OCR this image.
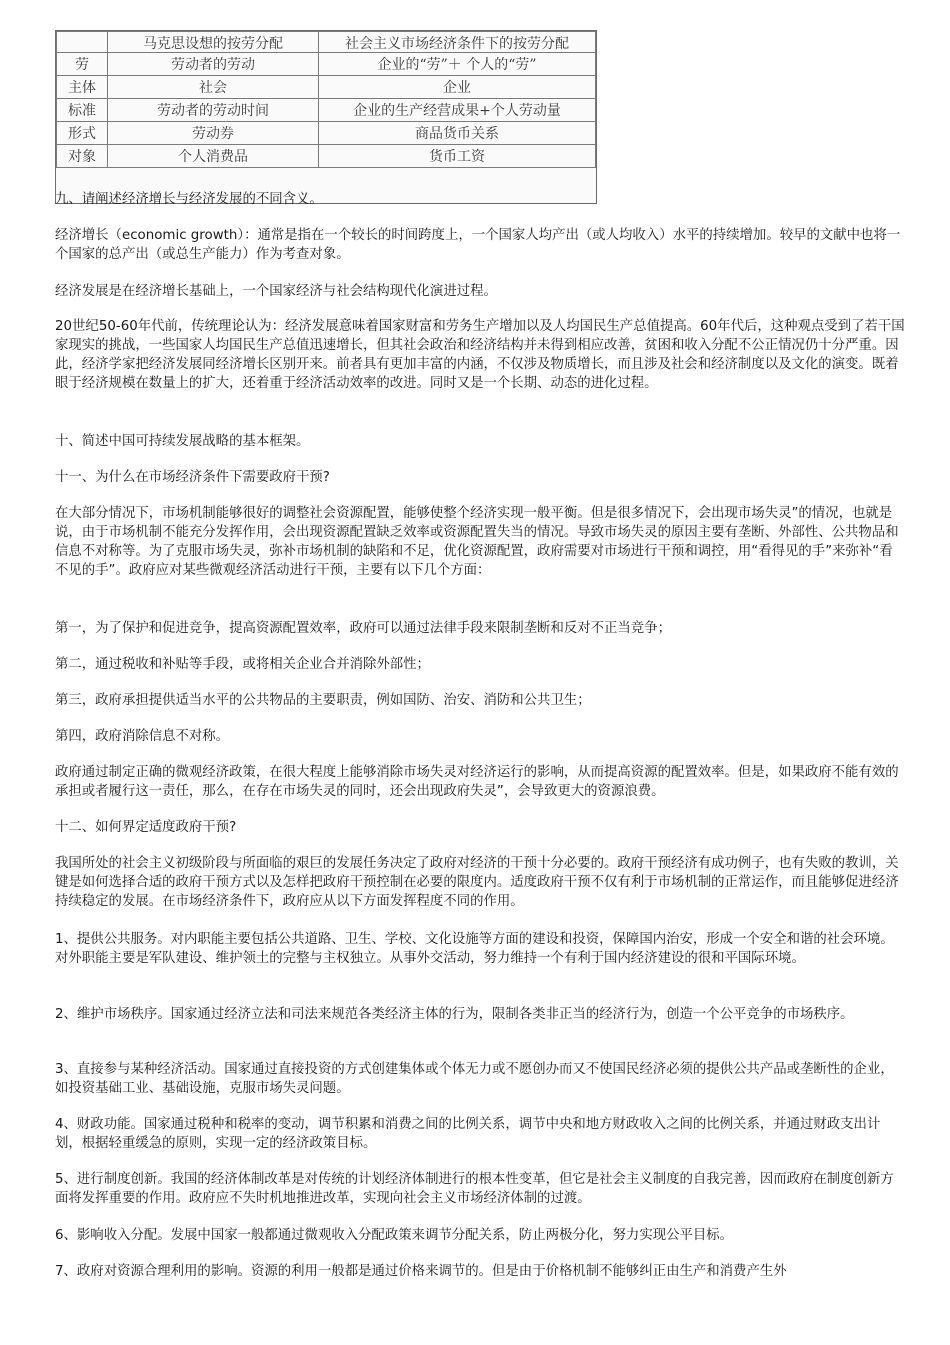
	马克思设想的按劳分配	社会主义市场经济条件下的按劳分配
劳	劳动者的劳动	企业的“劳”＋ 个人的“劳”
主体	社会	企业
标准	劳动者的劳动时间	企业的生产经营成果+个人劳动量
形式	劳动券	商品货币关系
对象	个人消费品	货币工资

九、请阐述经济增长与经济发展的不同含义。

经济增长（economic growth）：通常是指在一个较长的时间跨度上，一个国家人均产出（或人均收入）水平的持续增加。较早的文献中也将一个国家的总产出（或总生产能力）作为考查对象。

经济发展是在经济增长基础上，一个国家经济与社会结构现代化演进过程。

20世纪50-60年代前，传统理论认为：经济发展意味着国家财富和劳务生产增加以及人均国民生产总值提高。60年代后，这种观点受到了若干国家现实的挑战，一些国家人均国民生产总值迅速增长，但其社会政治和经济结构并未得到相应改善，贫困和收入分配不公正情况仍十分严重。因此，经济学家把经济发展同经济增长区别开来。前者具有更加丰富的内涵，不仅涉及物质增长，而且涉及社会和经济制度以及文化的演变。既着眼于经济规模在数量上的扩大，还着重于经济活动效率的改进。同时又是一个长期、动态的进化过程。

十、简述中国可持续发展战略的基本框架。

十一、为什么在市场经济条件下需要政府干预?

在大部分情况下，市场机制能够很好的调整社会资源配置，能够使整个经济实现一般平衡。但是很多情况下，会出现市场失灵”的情况，也就是说，由于市场机制不能充分发挥作用，会出现资源配置缺乏效率或资源配置失当的情况。导致市场失灵的原因主要有垄断、外部性、公共物品和信息不对称等。为了克服市场失灵，弥补市场机制的缺陷和不足，优化资源配置，政府需要对市场进行干预和调控，用“看得见的手”来弥补“看不见的手”。政府应对某些微观经济活动进行干预，主要有以下几个方面：

第一，为了保护和促进竞争，提高资源配置效率，政府可以通过法律手段来限制垄断和反对不正当竞争；

第二，通过税收和补贴等手段，或将相关企业合并消除外部性；

第三，政府承担提供适当水平的公共物品的主要职责，例如国防、治安、消防和公共卫生；

第四，政府消除信息不对称。

政府通过制定正确的微观经济政策，在很大程度上能够消除市场失灵对经济运行的影响，从而提高资源的配置效率。但是，如果政府不能有效的承担或者履行这一责任，那么，在存在市场失灵的同时，还会出现政府失灵”，会导致更大的资源浪费。

十二、如何界定适度政府干预?

我国所处的社会主义初级阶段与所面临的艰巨的发展任务决定了政府对经济的干预十分必要的。政府干预经济有成功例子，也有失败的教训，关键是如何选择合适的政府干预方式以及怎样把政府干预控制在必要的限度内。适度政府干预不仅有利于市场机制的正常运作，而且能够促进经济持续稳定的发展。在市场经济条件下，政府应从以下方面发挥程度不同的作用。

1、提供公共服务。对内职能主要包括公共道路、卫生、学校、文化设施等方面的建设和投资，保障国内治安，形成一个安全和谐的社会环境。对外职能主要是军队建设、维护领土的完整与主权独立。从事外交活动，努力维持一个有利于国内经济建设的很和平国际环境。

2、维护市场秩序。国家通过经济立法和司法来规范各类经济主体的行为，限制各类非正当的经济行为，创造一个公平竞争的市场秩序。

3、直接参与某种经济活动。国家通过直接投资的方式创建集体或个体无力或不愿创办而又不使国民经济必须的提供公共产品或垄断性的企业，如投资基础工业、基础设施，克服市场失灵问题。

4、财政功能。国家通过税种和税率的变动，调节积累和消费之间的比例关系，调节中央和地方财政收入之间的比例关系，并通过财政支出计划，根据轻重缓急的原则，实现一定的经济政策目标。

5、进行制度创新。我国的经济体制改革是对传统的计划经济体制进行的根本性变革，但它是社会主义制度的自我完善，因而政府在制度创新方面将发挥重要的作用。政府应不失时机地推进改革，实现向社会主义市场经济体制的过渡。

6、影响收入分配。发展中国家一般都通过微观收入分配政策来调节分配关系，防止两极分化，努力实现公平目标。

7、政府对资源合理利用的影响。资源的利用一般都是通过价格来调节的。但是由于价格机制不能够纠正由生产和消费产生外
